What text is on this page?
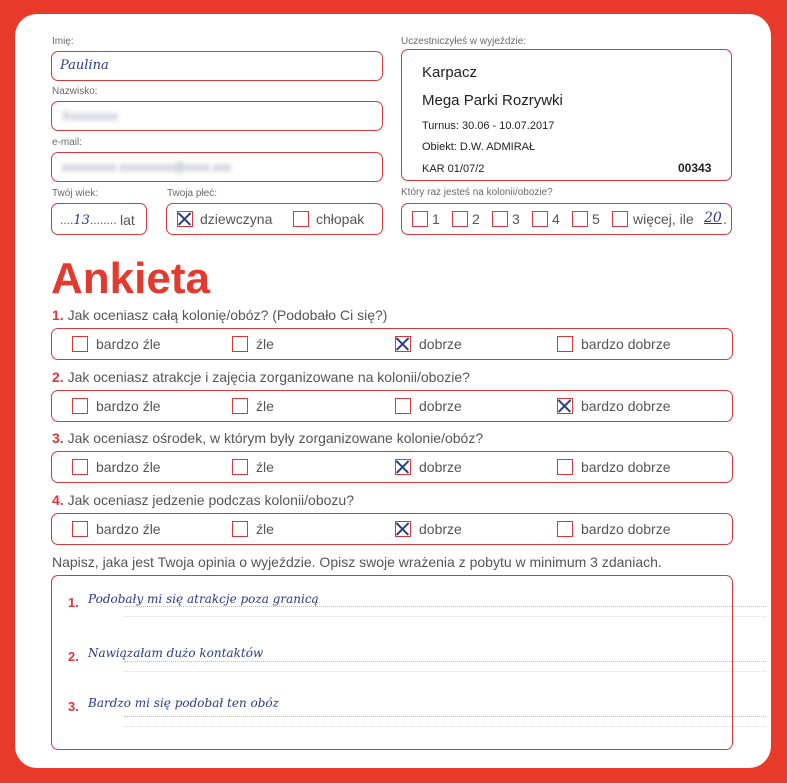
Imię:
Paulina
Nazwisko:
Xxxxxxxxx
e-mail:
xxxxxxxxx.xxxxxxxxx@xxxx.xxx
Twój wiek:
....13........ lat
Twoja płeć:
dziewczyna	chłopak
Uczestniczyłeś w wyjeździe:
Karpacz
Mega Parki Rozrywki
Turnus: 30.06 - 10.07.2017
Obiekt: D.W. ADMIRAŁ
KAR 01/07/2	00343
Który raz jesteś na kolonii/obozie?
1 2 3 4 5 więcej, ile 20 .
Ankieta
1. Jak oceniasz całą kolonię/obóz? (Podobało Ci się?)
bardzo źle	źle	dobrze	bardzo dobrze
2. Jak oceniasz atrakcje i zajęcia zorganizowane na kolonii/obozie?
bardzo źle	źle	dobrze	bardzo dobrze
3. Jak oceniasz ośrodek, w którym były zorganizowane kolonie/obóz?
bardzo źle	źle	dobrze	bardzo dobrze
4. Jak oceniasz jedzenie podczas kolonii/obozu?
bardzo źle	źle	dobrze	bardzo dobrze
Napisz, jaka jest Twoja opinia o wyjeździe. Opisz swoje wrażenia z pobytu w minimum 3 zdaniach.
1. Podobały mi się atrakcje poza granicą
2. Nawiązałam dużo kontaktów
3. Bardzo mi się podobał ten obóz
